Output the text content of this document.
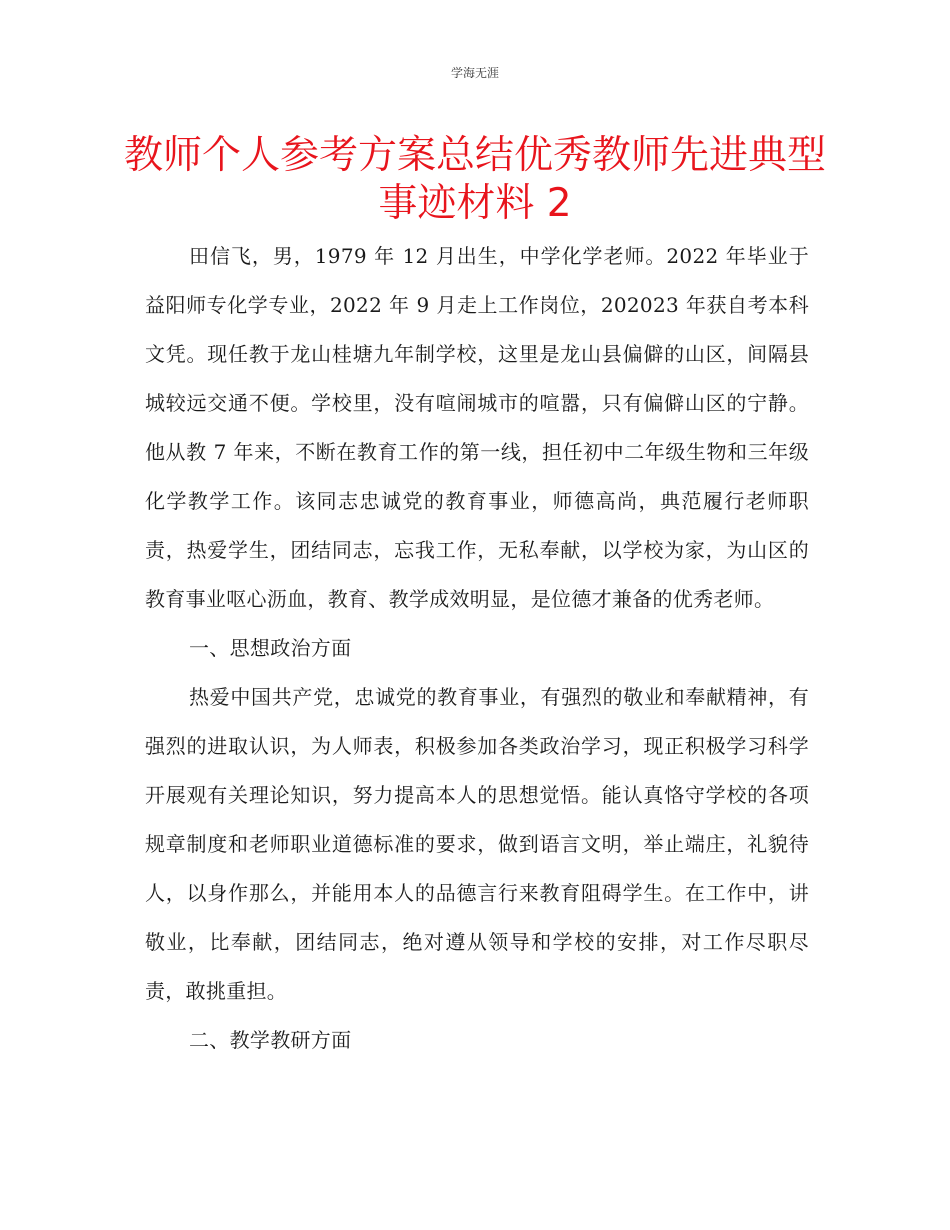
学海无涯
教师个人参考方案总结优秀教师先进典型事迹材料 2

田信飞，男，1979 年 12 月出生，中学化学老师。2022 年毕业于益阳师专化学专业，2022 年 9 月走上工作岗位，202023 年获自考本科文凭。现任教于龙山桂塘九年制学校，这里是龙山县偏僻的山区，间隔县城较远交通不便。学校里，没有喧闹城市的喧嚣，只有偏僻山区的宁静。他从教 7 年来，不断在教育工作的第一线，担任初中二年级生物和三年级化学教学工作。该同志忠诚党的教育事业，师德高尚，典范履行老师职责，热爱学生，团结同志，忘我工作，无私奉献，以学校为家，为山区的教育事业呕心沥血，教育、教学成效明显，是位德才兼备的优秀老师。

一、思想政治方面

热爱中国共产党，忠诚党的教育事业，有强烈的敬业和奉献精神，有强烈的进取认识，为人师表，积极参加各类政治学习，现正积极学习科学开展观有关理论知识，努力提高本人的思想觉悟。能认真恪守学校的各项规章制度和老师职业道德标准的要求，做到语言文明，举止端庄，礼貌待人，以身作那么，并能用本人的品德言行来教育阻碍学生。在工作中，讲敬业，比奉献，团结同志，绝对遵从领导和学校的安排，对工作尽职尽责，敢挑重担。

二、教学教研方面
